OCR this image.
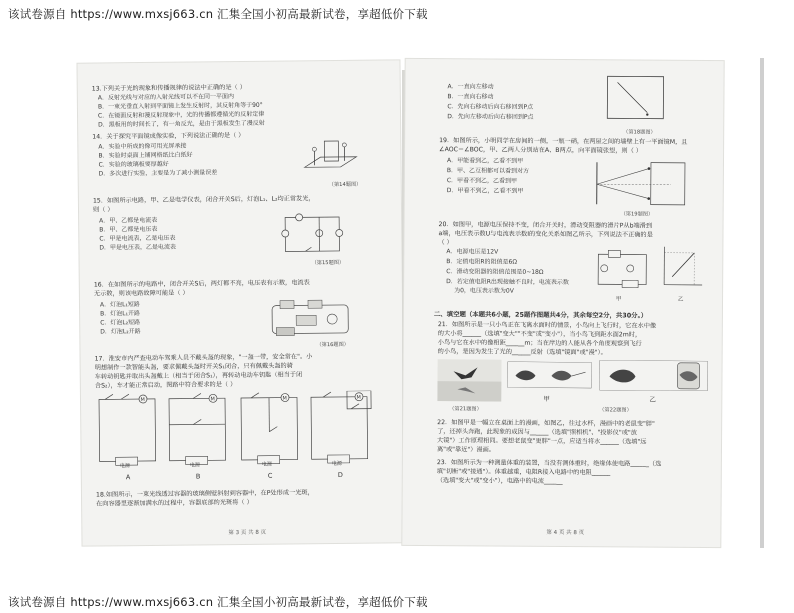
该试卷源自 https://www.mxsj663.cn 汇集全国小初高最新试卷，享超低价下载
13.下列关于光的现象和传播规律的说法中正确的是（ ）
A．反射光线与对应的入射光线可以不在同一平面内
B．一束光垂直入射到平面镜上发生反射时，其反射角等于90°
C．在镜面反射和漫反射现象中，光的传播都遵循光的反射定律
D．黑板用的时间长了，有一角反光，是由于黑板发生了漫反射
14．关于探究平面镜成像实验，下列说法正确的是（ ）
A．实验中所成的像可用光屏承接
B．实验时桌面上铺网格纸比白纸好
C．实验的玻璃板要厚越好
D．多次进行实验，主要是为了减小测量误差
（第14题图）
15．如图所示电路，甲、乙是电学仪表，闭合开关S后，灯泡L₁、L₂均正常发光，
则（ ）
A．甲、乙都是电流表
B．甲、乙都是电压表
C．甲是电流表，乙是电压表
D．甲是电压表，乙是电流表
（第15题图）
16．在如图所示的电路中，闭合开关S后，两灯都不亮，电压表有示数，电流表
无示数，则该电路故障可能是（ ）
A．灯泡L₁短路
B．灯泡L₁开路
C．灯泡L₂短路
D．灯泡L₂开路
（第16题图）
17．淮安市内严查电动车驾乘人员不戴头盔的现象，"一盔一带，安全常在"。小
明想制作一款智能头盔，要求佩戴头盔时开关S₁闭合，只有佩戴头盔的骑
车转动钥匙并取出头盔戴上（相当于闭合S₁），再转动电动车钥匙（相当于闭
合S₂），车才能正常启动，图路中符合要求的是（ ）
M	M	M	M
电源	电源	电源	电源
A	B	C	D
18.如图所示，一束光线透过容器的玻璃侧壁斜射到容器中，在P处形成一光斑，
在向容器里逐渐加满水的过程中，容器底部的光斑将（ ）
第 3 页 共 8 页
A．一直向左移动
B．一直向右移动
C．先向右移动后向右移回到P点
D．先向左移动后向右移回到P点
（第18题图）
19．如图所示，小明同学在房间的一侧，一瓶一硝，在两屋之间的墙壁上有一平面镜M，且
∠AOC＝∠BOC，甲、乙两人分别站在A、B两点，向平面镜张望，则（ ）
A．甲能看到乙，乙看不到甲
B．甲、乙互相都可以看到对方
C．甲看不到乙，乙看到甲
D．甲看不到乙，乙看不到甲
（第19题图）
20．如图甲，电源电压保持不变，闭合开关时，滑动变阻器的滑片P从b端滑到
a端，电压表示数U与电流表示数I的变化关系如图乙所示，下列说法不正确的是
（ ）
A．电源电压是12V
B．定值电阻R的阻值是6Ω
C．滑动变阻器的阻值范围是0~18Ω
D．若定值电阻R出现接触不良时，电流表示数
为0，电压表示数为0V
甲	乙
二、填空题（本题共6小题，25题作图题共4分，其余每空2分，共30分。）
21．如图所示是一只小鸟正在飞离水面时的情景，小鸟向上飞行时，它在水中像
的大小将______（选填"变大""不变"或"变小"），当小鸟飞到距水面2m时，
小鸟与它在水中的像相距______m；当在岸边的人能从各个角度观察到飞行
的小鸟，是因为发生了光的______反射（选填"镜面"或"漫"）。
（第21题图）
甲	乙
（第22题图）
22．如图甲是一幅立在桌面上的漫画，如图乙，往过水杯，漫画中的老鼠变"胖"
了，还掉头奔跑，此现象的成因与______（选填"照相机"、"投影仪"或"放
大镜"）工作原理相同。要想老鼠变"更胖"一点，应适当将水______（选填"远
离"或"靠近"）漫画。
23．如图所示为一种测量体重的装置，当没有测体重时，绝缘体使电路______（选
填"切断"或"接通"）。体重越重，电阻R接入电路中的电阻______
（选填"变大"或"变小"），电路中的电流______
第 4 页 共 8 页
该试卷源自 https://www.mxsj663.cn 汇集全国小初高最新试卷，享超低价下载
